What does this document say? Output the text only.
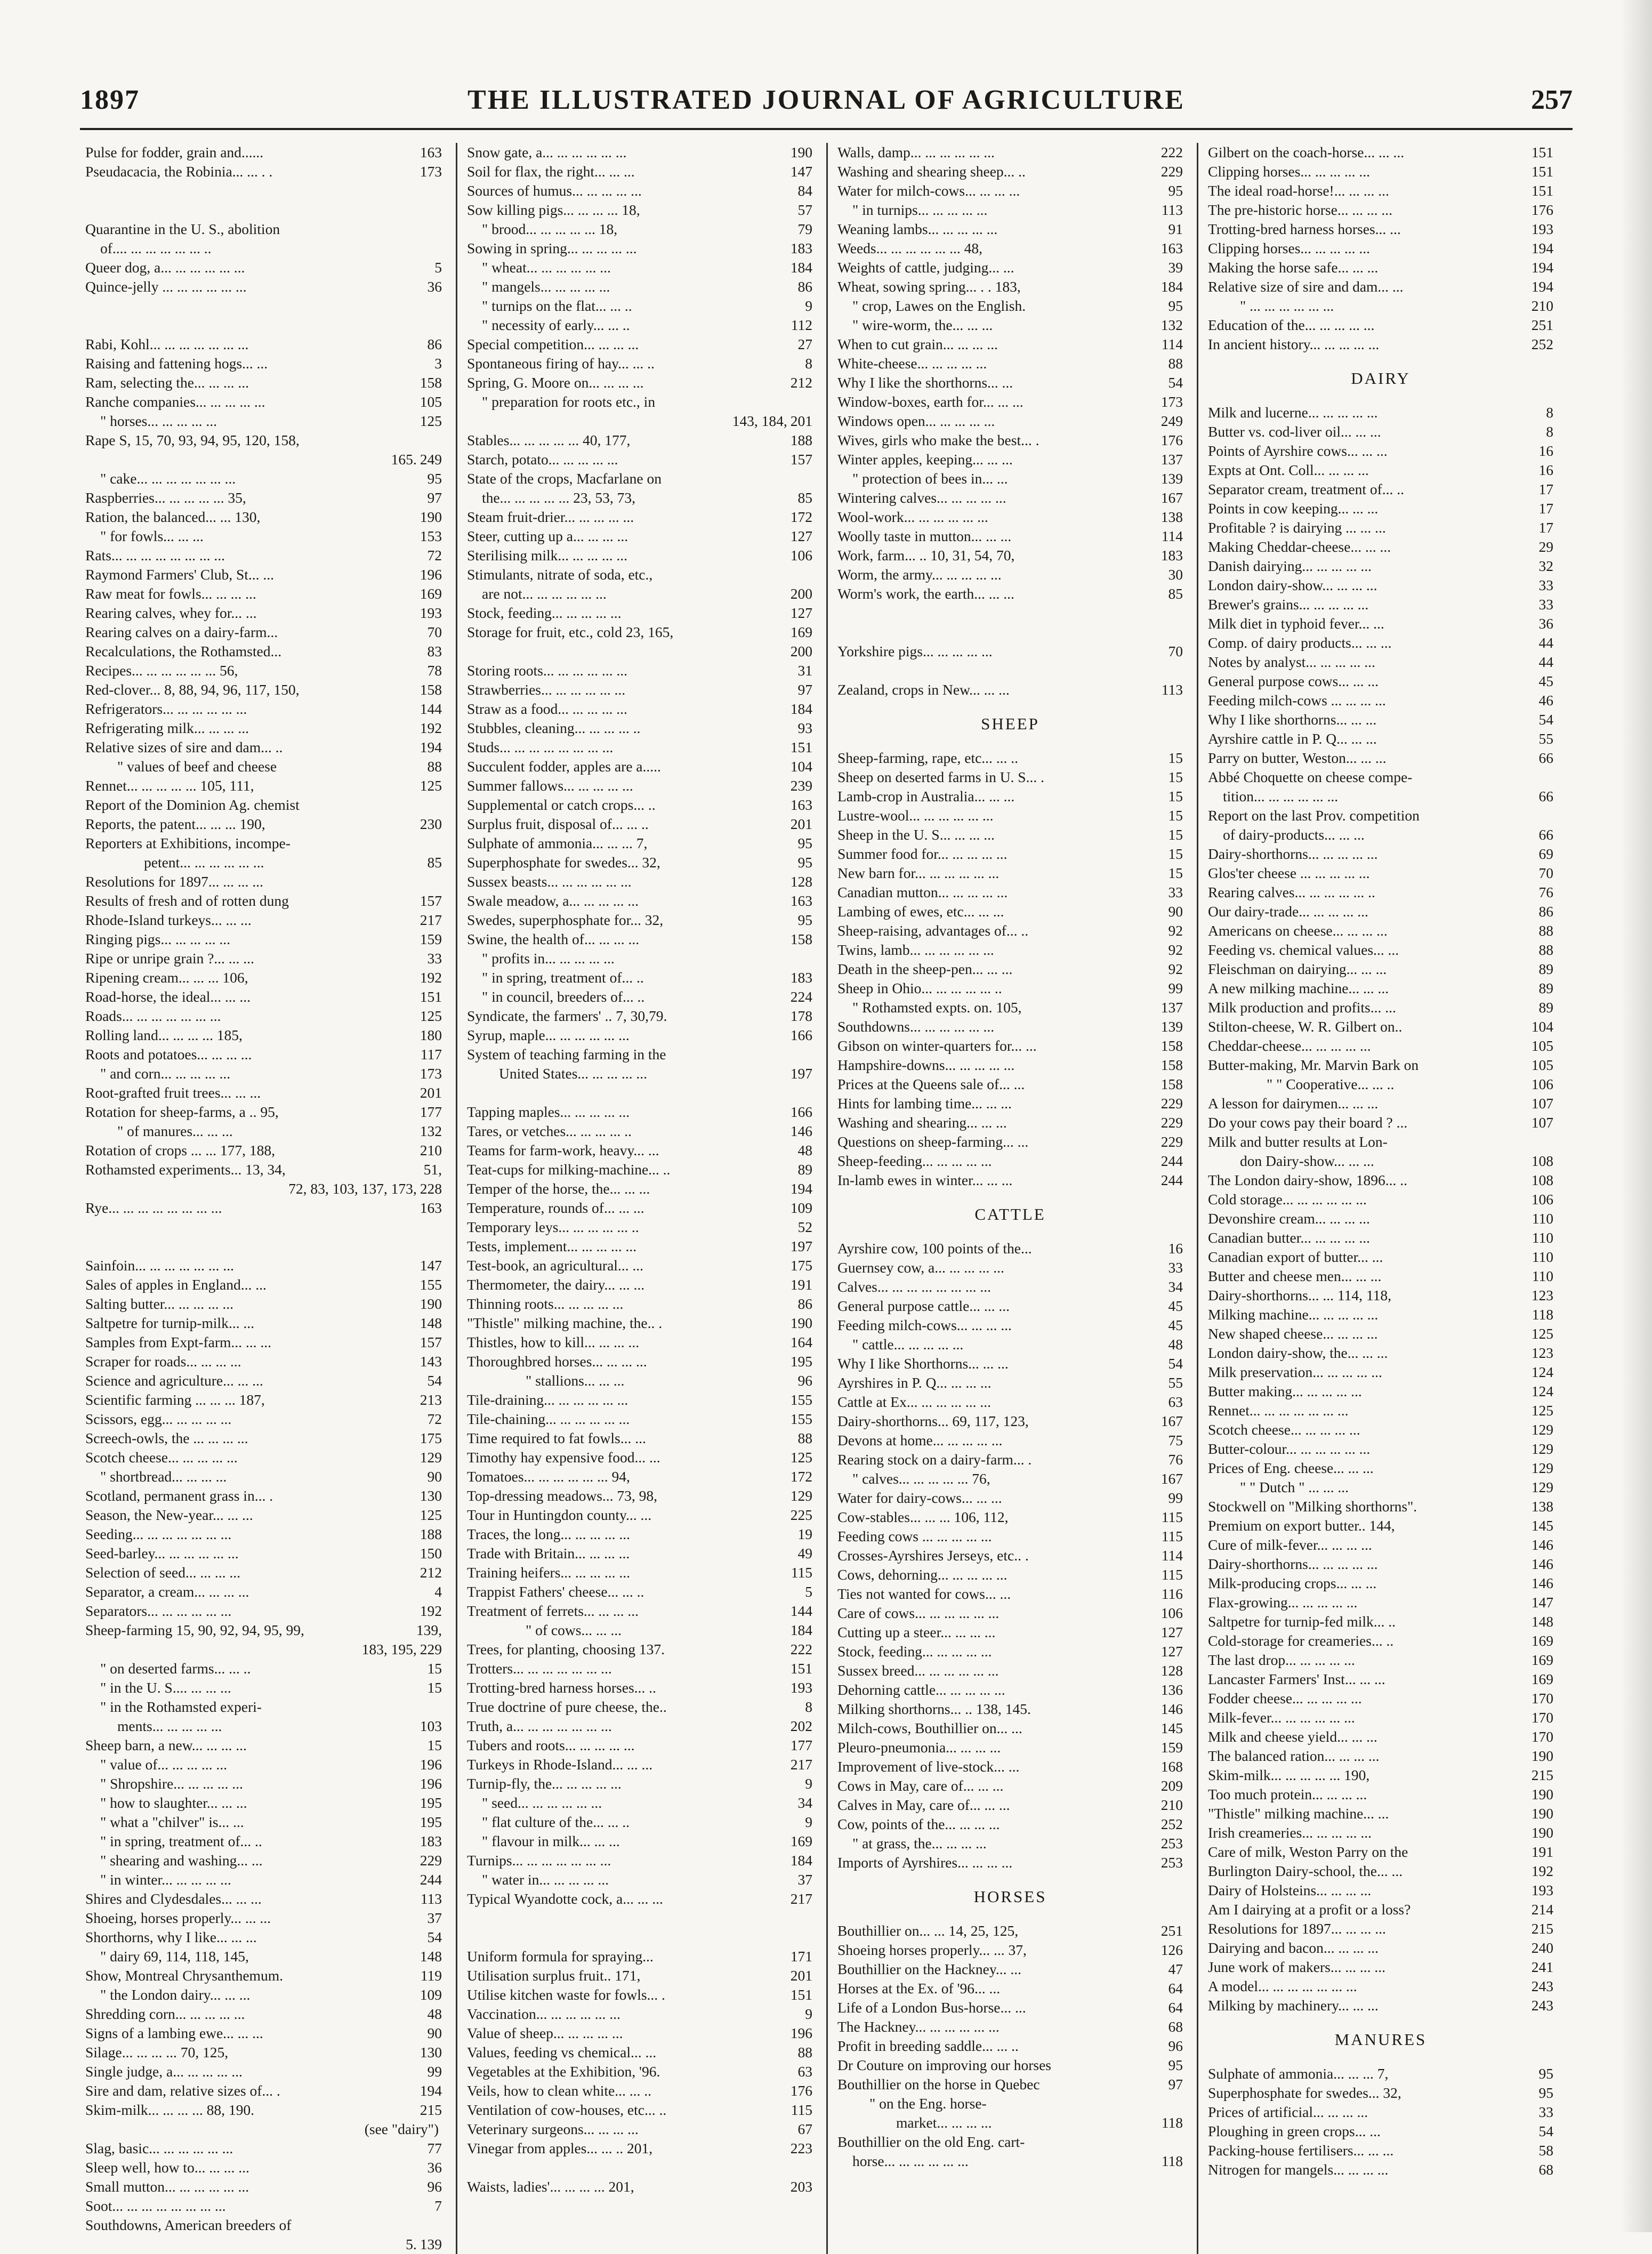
1897	THE ILLUSTRATED JOURNAL OF AGRICULTURE	257
Pulse for fodder, grain and......	163
Pseudacacia, the Robinia... ... . .	173
Quarantine in the U. S., abolition
of.... ... ... ... ... ... ..
Queer dog, a... ... ... ... ... ...	5
Quince-jelly ... ... ... ... ... ...	36
Rabi, Kohl... ... ... ... ... ... ...	86
Raising and fattening hogs... ...	3
Ram, selecting the... ... ... ...	158
Ranche companies... ... ... ... ...	105
" horses... ... ... ... ...	125
Rape S, 15, 70, 93, 94, 95, 120, 158,
165. 249
" cake... ... ... ... ... ... ...	95
Raspberries... ... ... ... ... 35,	97
Ration, the balanced... ... 130,	190
" for fowls... ... ...	153
Rats... ... ... ... ... ... ... ...	72
Raymond Farmers' Club, St... ...	196
Raw meat for fowls... ... ... ...	169
Rearing calves, whey for... ...	193
Rearing calves on a dairy-farm...	70
Recalculations, the Rothamsted...	83
Recipes... ... ... ... ... ... 56,	78
Red-clover... 8, 88, 94, 96, 117, 150,	158
Refrigerators... ... ... ... ... ...	144
Refrigerating milk... ... ... ...	192
Relative sizes of sire and dam... ..	194
" values of beef and cheese	88
Rennet... ... ... ... ... 105, 111,	125
Report of the Dominion Ag. chemist
Reports, the patent... ... ... 190,	230
Reporters at Exhibitions, incompe-
petent... ... ... ... ... ...	85
Resolutions for 1897... ... ... ...
Results of fresh and of rotten dung	157
Rhode-Island turkeys... ... ...	217
Ringing pigs... ... ... ... ...	159
Ripe or unripe grain ?... ... ...	33
Ripening cream... ... ... 106,	192
Road-horse, the ideal... ... ...	151
Roads... ... ... ... ... ... ...	125
Rolling land... ... ... ... 185,	180
Roots and potatoes... ... ... ...	117
" and corn... ... ... ... ...	173
Root-grafted fruit trees... ... ...	201
Rotation for sheep-farms, a .. 95,	177
" of manures... ... ...	132
Rotation of crops ... ... 177, 188,	210
Rothamsted experiments... 13, 34,	51,
72, 83, 103, 137, 173, 228
Rye... ... ... ... ... ... ... ...	163
Sainfoin... ... ... ... ... ... ...	147
Sales of apples in England... ...	155
Salting butter... ... ... ... ...	190
Saltpetre for turnip-milk... ...	148
Samples from Expt-farm... ... ...	157
Scraper for roads... ... ... ...	143
Science and agriculture... ... ...	54
Scientific farming ... ... ... 187,	213
Scissors, egg... ... ... ... ...	72
Screech-owls, the ... ... ... ...	175
Scotch cheese... ... ... ... ...	129
" shortbread... ... ... ...	90
Scotland, permanent grass in... .	130
Season, the New-year... ... ...	125
Seeding... ... ... ... ... ... ...	188
Seed-barley... ... ... ... ... ...	150
Selection of seed... ... ... ...	212
Separator, a cream... ... ... ...	4
Separators... ... ... ... ... ...	192
Sheep-farming 15, 90, 92, 94, 95, 99,	139,
183, 195, 229
" on deserted farms... ... ..	15
" in the U. S.... ... ... ...	15
" in the Rothamsted experi-
ments... ... ... ... ...	103
Sheep barn, a new... ... ... ...	15
" value of... ... ... ... ...	196
" Shropshire... ... ... ... ...	196
" how to slaughter... ... ...	195
" what a "chilver" is... ...	195
" in spring, treatment of... ..	183
" shearing and washing... ...	229
" in winter... ... ... ... ...	244
Shires and Clydesdales... ... ...	113
Shoeing, horses properly... ... ...	37
Shorthorns, why I like... ... ...	54
" dairy 69, 114, 118, 145,	148
Show, Montreal Chrysanthemum.	119
" the London dairy... ... ...	109
Shredding corn... ... ... ... ...	48
Signs of a lambing ewe... ... ...	90
Silage... ... ... ... 70, 125,	130
Single judge, a... ... ... ... ...	99
Sire and dam, relative sizes of... .	194
Skim-milk... ... ... ... 88, 190.	215
(see "dairy")
Slag, basic... ... ... ... ... ...	77
Sleep well, how to... ... ... ...	36
Small mutton... ... ... ... ... ...	96
Soot... ... ... ... ... ... ... ...	7
Southdowns, American breeders of
5. 139
Snow gate, a... ... ... ... ... ...	190
Soil for flax, the right... ... ...	147
Sources of humus... ... ... ... ...	84
Sow killing pigs... ... ... ... 18,	57
" brood... ... ... ... ... 18,	79
Sowing in spring... ... ... ... ...	183
" wheat... ... ... ... ... ...	184
" mangels... ... ... ... ...	86
" turnips on the flat... ... ..	9
" necessity of early... ... ..	112
Special competition... ... ... ...	27
Spontaneous firing of hay... ... ..	8
Spring, G. Moore on... ... ... ...	212
" preparation for roots etc., in
143, 184, 201
Stables... ... ... ... ... 40, 177,	188
Starch, potato... ... ... ... ...	157
State of the crops, Macfarlane on
the... ... ... ... ... 23, 53, 73,	85
Steam fruit-drier... ... ... ... ...	172
Steer, cutting up a... ... ... ...	127
Sterilising milk... ... ... ... ...	106
Stimulants, nitrate of soda, etc.,
are not... ... ... ... ... ...	200
Stock, feeding... ... ... ... ...	127
Storage for fruit, etc., cold 23, 165,	169
200
Storing roots... ... ... ... ... ...	31
Strawberries... ... ... ... ... ...	97
Straw as a food... ... ... ... ...	184
Stubbles, cleaning... ... ... ... ..	93
Studs... ... ... ... ... ... ... ...	151
Succulent fodder, apples are a.....	104
Summer fallows... ... ... ... ...	239
Supplemental or catch crops... ..	163
Surplus fruit, disposal of... ... ..	201
Sulphate of ammonia... ... ... 7,	95
Superphosphate for swedes... 32,	95
Sussex beasts... ... ... ... ... ...	128
Swale meadow, a... ... ... ... ...	163
Swedes, superphosphate for... 32,	95
Swine, the health of... ... ... ...	158
" profits in... ... ... ... ...
" in spring, treatment of... ..	183
" in council, breeders of... ..	224
Syndicate, the farmers' .. 7, 30,79.	178
Syrup, maple... ... ... ... ... ...	166
System of teaching farming in the
United States... ... ... ... ...	197
Tapping maples... ... ... ... ...	166
Tares, or vetches... ... ... ... ..	146
Teams for farm-work, heavy... ...	48
Teat-cups for milking-machine... ..	89
Temper of the horse, the... ... ...	194
Temperature, rounds of... ... ...	109
Temporary leys... ... ... ... ... ..	52
Tests, implement... ... ... ... ...	197
Test-book, an agricultural... ...	175
Thermometer, the dairy... ... ...	191
Thinning roots... ... ... ... ...	86
"Thistle" milking machine, the.. .	190
Thistles, how to kill... ... ... ...	164
Thoroughbred horses... ... ... ...	195
" stallions... ... ...	96
Tile-draining... ... ... ... ... ...	155
Tile-chaining... ... ... ... ... ...	155
Time required to fat fowls... ...	88
Timothy hay expensive food... ...	125
Tomatoes... ... ... ... ... ... 94,	172
Top-dressing meadows... 73, 98,	129
Tour in Huntingdon county... ...	225
Traces, the long... ... ... ... ...	19
Trade with Britain... ... ... ...	49
Training heifers... ... ... ... ...	115
Trappist Fathers' cheese... ... ..	5
Treatment of ferrets... ... ... ...	144
" of cows... ... ...	184
Trees, for planting, choosing 137.	222
Trotters... ... ... ... ... ... ...	151
Trotting-bred harness horses... ..	193
True doctrine of pure cheese, the..	8
Truth, a... ... ... ... ... ... ...	202
Tubers and roots... ... ... ... ...	177
Turkeys in Rhode-Island... ... ...	217
Turnip-fly, the... ... ... ... ...	9
" seed... ... ... ... ... ...	34
" flat culture of the... ... ..	9
" flavour in milk... ... ...	169
Turnips... ... ... ... ... ... ...	184
" water in... ... ... ... ...	37
Typical Wyandotte cock, a... ... ...	217
Uniform formula for spraying...	171
Utilisation surplus fruit.. 171,	201
Utilise kitchen waste for fowls... .	151
Vaccination... ... ... ... ... ...	9
Value of sheep... ... ... ... ...	196
Values, feeding vs chemical... ...	88
Vegetables at the Exhibition, '96.	63
Veils, how to clean white... ... ..	176
Ventilation of cow-houses, etc... ..	115
Veterinary surgeons... ... ... ...	67
Vinegar from apples... ... .. 201,	223
Waists, ladies'... ... ... ... 201,	203
Walls, damp... ... ... ... ... ...	222
Washing and shearing sheep... ..	229
Water for milch-cows... ... ... ...	95
" in turnips... ... ... ... ...	113
Weaning lambs... ... ... ... ...	91
Weeds... ... ... ... ... ... 48,	163
Weights of cattle, judging... ...	39
Wheat, sowing spring... . . 183,	184
" crop, Lawes on the English.	95
" wire-worm, the... ... ...	132
When to cut grain... ... ... ...	114
White-cheese... ... ... ... ...	88
Why I like the shorthorns... ...	54
Window-boxes, earth for... ... ...	173
Windows open... ... ... ... ...	249
Wives, girls who make the best... .	176
Winter apples, keeping... ... ...	137
" protection of bees in... ...	139
Wintering calves... ... ... ... ...	167
Wool-work... ... ... ... ... ...	138
Woolly taste in mutton... ... ...	114
Work, farm... .. 10, 31, 54, 70,	183
Worm, the army... ... ... ... ...	30
Worm's work, the earth... ... ...	85
Yorkshire pigs... ... ... ... ...	70
Zealand, crops in New... ... ...	113
SHEEP
Sheep-farming, rape, etc... ... ..	15
Sheep on deserted farms in U. S... .	15
Lamb-crop in Australia... ... ...	15
Lustre-wool... ... ... ... ... ...	15
Sheep in the U. S... ... ... ...	15
Summer food for... ... ... ... ...	15
New barn for... ... ... ... ... ...	15
Canadian mutton... ... ... ... ...	33
Lambing of ewes, etc... ... ...	90
Sheep-raising, advantages of... ..	92
Twins, lamb... ... ... ... ... ...	92
Death in the sheep-pen... ... ...	92
Sheep in Ohio... ... ... ... ... ..	99
" Rothamsted expts. on. 105,	137
Southdowns... ... ... ... ... ...	139
Gibson on winter-quarters for... ...	158
Hampshire-downs... ... ... ... ...	158
Prices at the Queens sale of... ...	158
Hints for lambing time... ... ...	229
Washing and shearing... ... ...	229
Questions on sheep-farming... ...	229
Sheep-feeding... ... ... ... ...	244
In-lamb ewes in winter... ... ...	244
CATTLE
Ayrshire cow, 100 points of the...	16
Guernsey cow, a... ... ... ... ...	33
Calves... ... ... ... ... ... ... ...	34
General purpose cattle... ... ...	45
Feeding milch-cows... ... ... ...	45
" cattle... ... ... ... ...	48
Why I like Shorthorns... ... ...	54
Ayrshires in P. Q... ... ... ...	55
Cattle at Ex... ... ... ... ... ...	63
Dairy-shorthorns... 69, 117, 123,	167
Devons at home... ... ... ... ...	75
Rearing stock on a dairy-farm... .	76
" calves... ... ... ... ... 76,	167
Water for dairy-cows... ... ...	99
Cow-stables... ... ... 106, 112,	115
Feeding cows ... ... ... ... ...	115
Crosses-Ayrshires Jerseys, etc.. .	114
Cows, dehorning... ... ... ... ...	115
Ties not wanted for cows... ...	116
Care of cows... ... ... ... ... ...	106
Cutting up a steer... ... ... ...	127
Stock, feeding... ... ... ... ...	127
Sussex breed... ... ... ... ... ...	128
Dehorning cattle... ... ... ... ...	136
Milking shorthorns... .. 138, 145.	146
Milch-cows, Bouthillier on... ...	145
Pleuro-pneumonia... ... ... ...	159
Improvement of live-stock... ...	168
Cows in May, care of... ... ...	209
Calves in May, care of... ... ...	210
Cow, points of the... ... ... ...	252
" at grass, the... ... ... ...	253
Imports of Ayrshires... ... ... ...	253
HORSES
Bouthillier on... ... 14, 25, 125,	251
Shoeing horses properly... ... 37,	126
Bouthillier on the Hackney... ...	47
Horses at the Ex. of '96... ...	64
Life of a London Bus-horse... ...	64
The Hackney... ... ... ... ... ...	68
Profit in breeding saddle... ... ..	96
Dr Couture on improving our horses	95
Bouthillier on the horse in Quebec	97
" on the Eng. horse-
market... ... ... ...	118
Bouthillier on the old Eng. cart-
horse... ... ... ... ... ...	118
Gilbert on the coach-horse... ... ...	151
Clipping horses... ... ... ... ...	151
The ideal road-horse!... ... ... ...	151
The pre-historic horse... ... ... ...	176
Trotting-bred harness horses... ...	193
Clipping horses... ... ... ... ...	194
Making the horse safe... ... ...	194
Relative size of sire and dam... ...	194
" ... ... ... ... ... ...	210
Education of the... ... ... ... ...	251
In ancient history... ... ... ... ...	252
DAIRY
Milk and lucerne... ... ... ... ...	8
Butter vs. cod-liver oil... ... ...	8
Points of Ayrshire cows... ... ...	16
Expts at Ont. Coll... ... ... ...	16
Separator cream, treatment of... ..	17
Points in cow keeping... ... ...	17
Profitable ? is dairying ... ... ...	17
Making Cheddar-cheese... ... ...	29
Danish dairying... ... ... ... ...	32
London dairy-show... ... ... ...	33
Brewer's grains... ... ... ... ...	33
Milk diet in typhoid fever... ...	36
Comp. of dairy products... ... ...	44
Notes by analyst... ... ... ... ...	44
General purpose cows... ... ...	45
Feeding milch-cows ... ... ... ...	46
Why I like shorthorns... ... ...	54
Ayrshire cattle in P. Q... ... ...	55
Parry on butter, Weston... ... ...	66
Abbé Choquette on cheese compe-
tition... ... ... ... ... ...	66
Report on the last Prov. competition
of dairy-products... ... ...	66
Dairy-shorthorns... ... ... ... ...	69
Glos'ter cheese ... ... ... ... ...	70
Rearing calves... ... ... ... ... ..	76
Our dairy-trade... ... ... ... ...	86
Americans on cheese... ... ... ...	88
Feeding vs. chemical values... ...	88
Fleischman on dairying... ... ...	89
A new milking machine... ... ...	89
Milk production and profits... ...	89
Stilton-cheese, W. R. Gilbert on..	104
Cheddar-cheese... ... ... ... ...	105
Butter-making, Mr. Marvin Bark on	105
" " Cooperative... ... ..	106
A lesson for dairymen... ... ...	107
Do your cows pay their board ? ...	107
Milk and butter results at Lon-
don Dairy-show... ... ...	108
The London dairy-show, 1896... ..	108
Cold storage... ... ... ... ... ...	106
Devonshire cream... ... ... ...	110
Canadian butter... ... ... ... ...	110
Canadian export of butter... ...	110
Butter and cheese men... ... ...	110
Dairy-shorthorns... ... 114, 118,	123
Milking machine... ... ... ... ...	118
New shaped cheese... ... ... ...	125
London dairy-show, the... ... ...	123
Milk preservation... ... ... ... ...	124
Butter making... ... ... ... ...	124
Rennet... ... ... ... ... ... ...	125
Scotch cheese... ... ... ... ...	129
Butter-colour... ... ... ... ... ...	129
Prices of Eng. cheese... ... ...	129
" " Dutch " ... ... ...	129
Stockwell on "Milking shorthorns".	138
Premium on export butter.. 144,	145
Cure of milk-fever... ... ... ...	146
Dairy-shorthorns... ... ... ... ...	146
Milk-producing crops... ... ...	146
Flax-growing... ... ... ... ...	147
Saltpetre for turnip-fed milk... ..	148
Cold-storage for creameries... ..	169
The last drop... ... ... ... ...	169
Lancaster Farmers' Inst... ... ...	169
Fodder cheese... ... ... ... ...	170
Milk-fever... ... ... ... ... ...	170
Milk and cheese yield... ... ...	170
The balanced ration... ... ... ...	190
Skim-milk... ... ... ... ... 190,	215
Too much protein... ... ... ...	190
"Thistle" milking machine... ...	190
Irish creameries... ... ... ... ...	190
Care of milk, Weston Parry on the	191
Burlington Dairy-school, the... ...	192
Dairy of Holsteins... ... ... ...	193
Am I dairying at a profit or a loss?	214
Resolutions for 1897... ... ... ...	215
Dairying and bacon... ... ... ...	240
June work of makers... ... ... ...	241
A model... ... ... ... ... ... ...	243
Milking by machinery... ... ...	243
MANURES
Sulphate of ammonia... ... ... 7,	95
Superphosphate for swedes... 32,	95
Prices of artificial... ... ... ...	33
Ploughing in green crops... ...	54
Packing-house fertilisers... ... ...	58
Nitrogen for mangels... ... ... ...	68
